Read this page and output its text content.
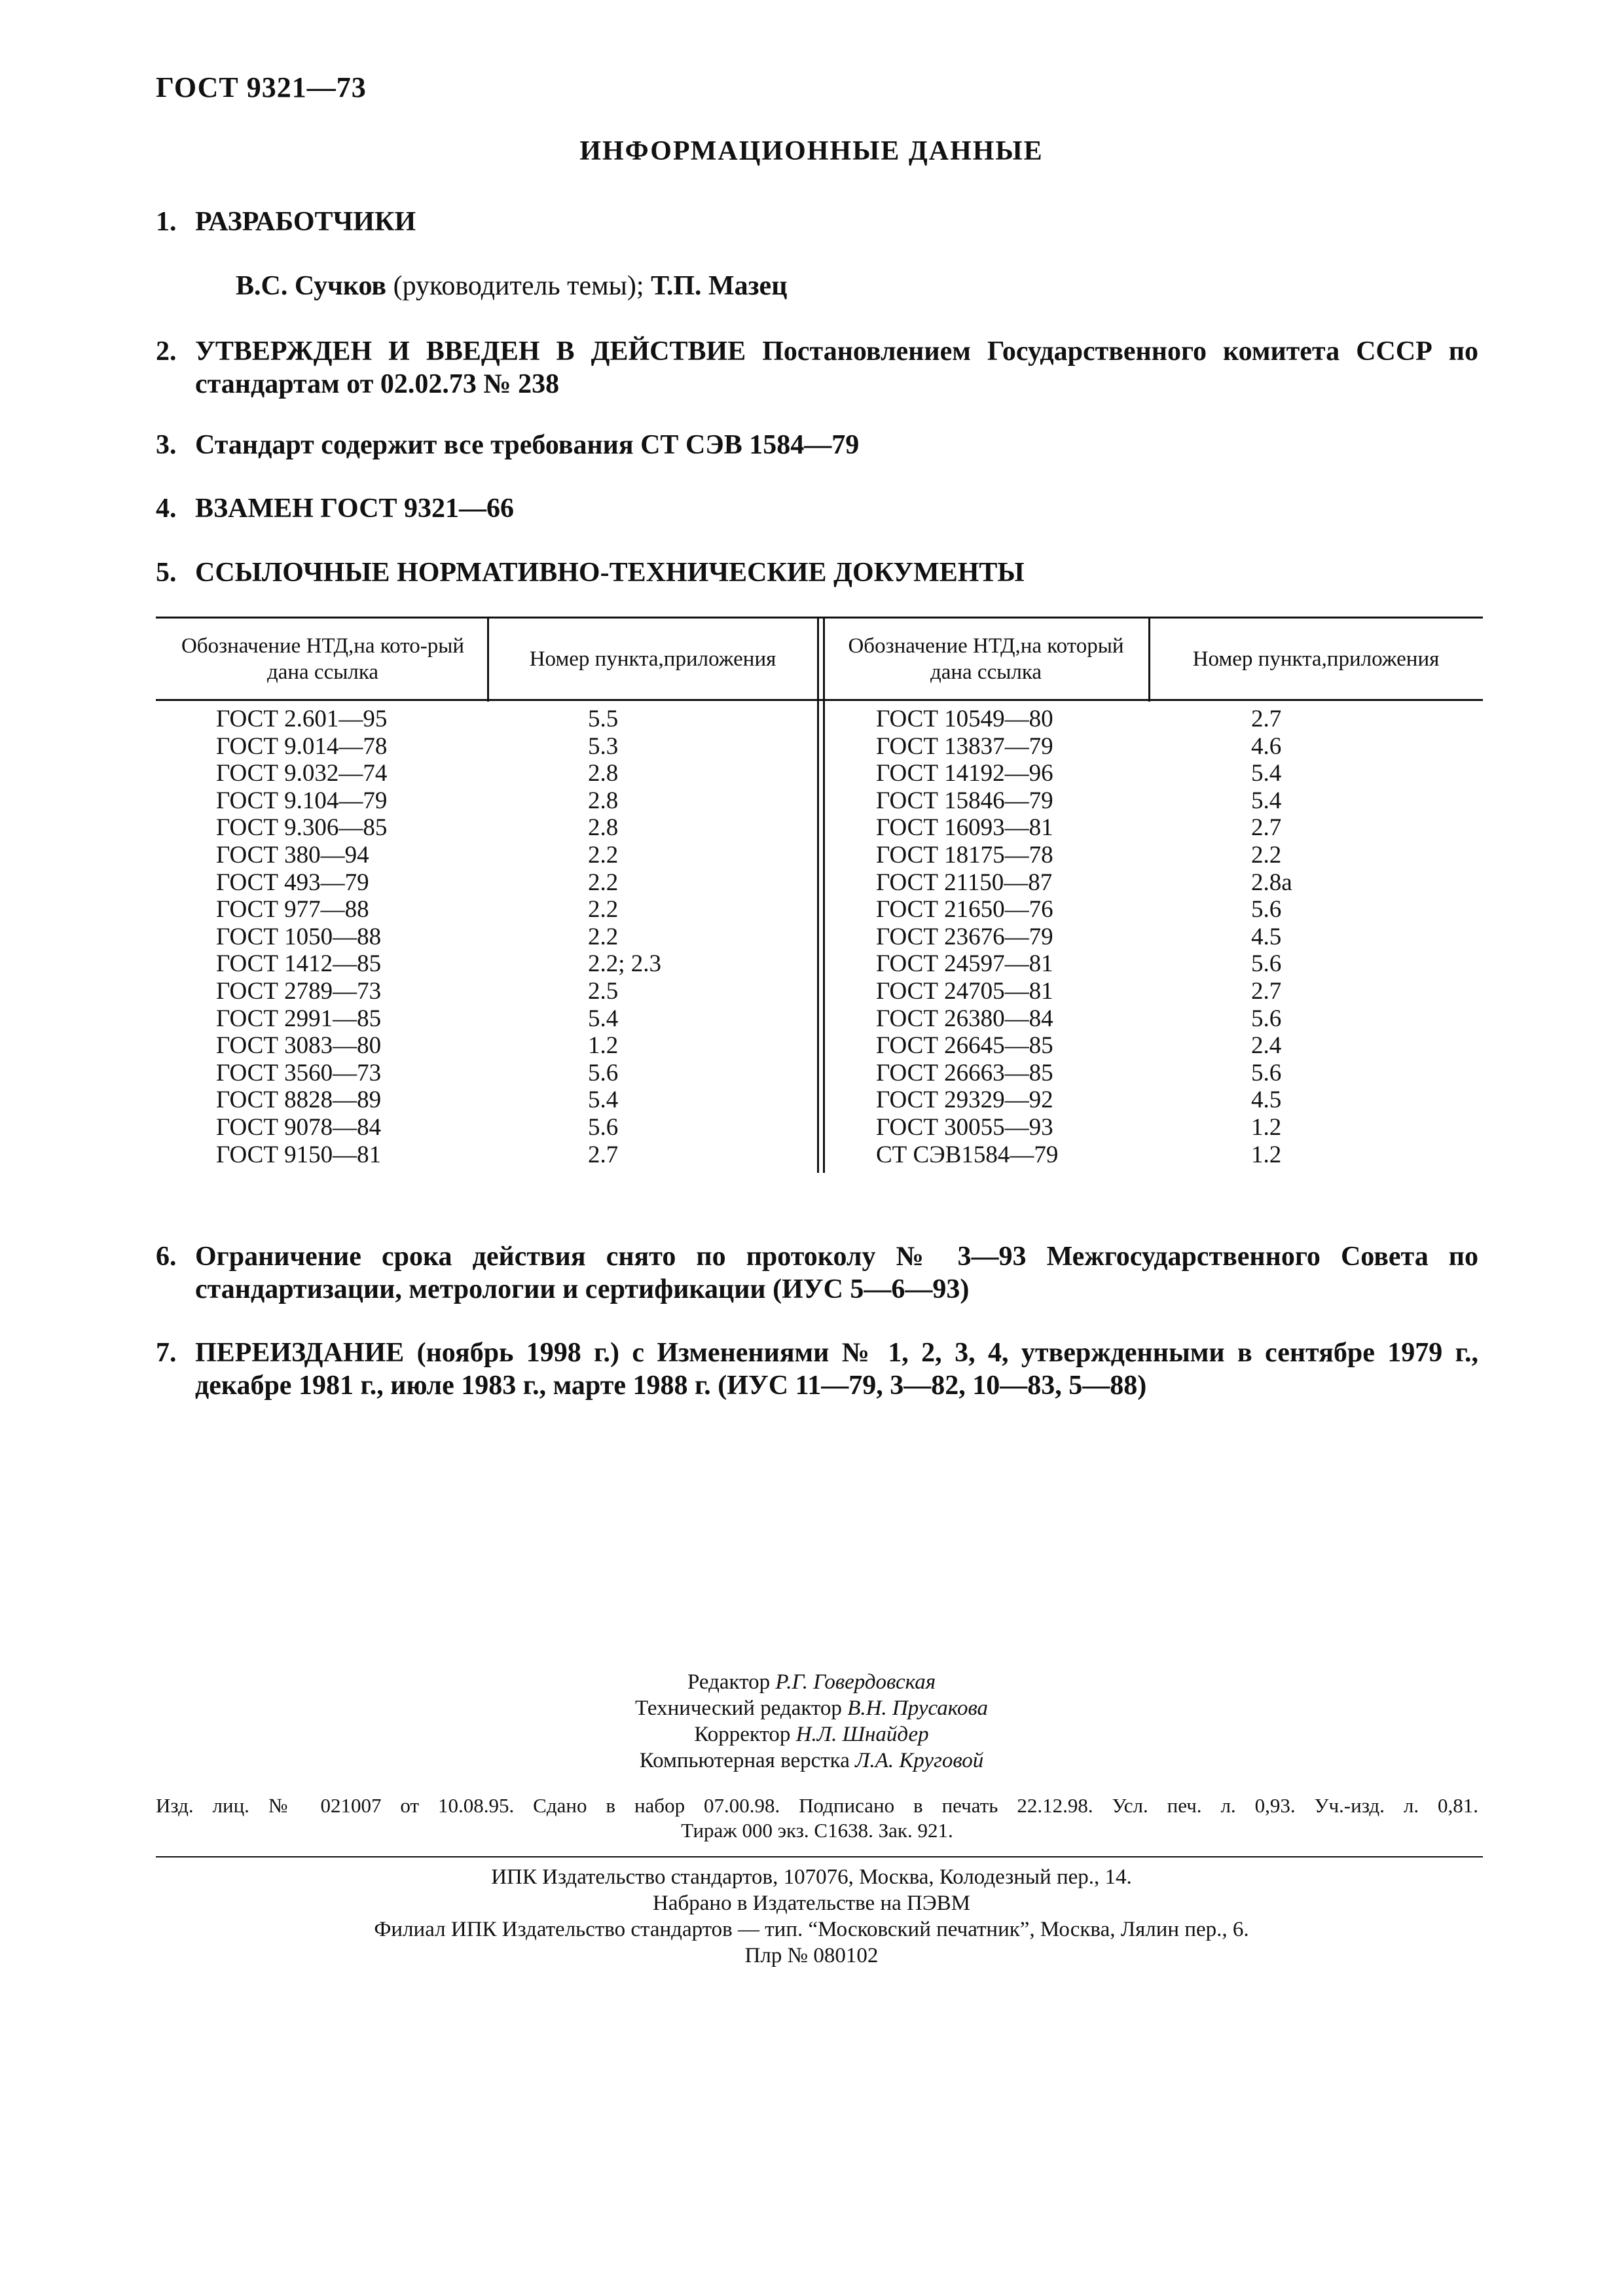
ГОСТ 9321—73
ИНФОРМАЦИОННЫЕ ДАННЫЕ
1. РАЗРАБОТЧИКИ
В.С. Сучков (руководитель темы); Т.П. Мазец
2. УТВЕРЖДЕН И ВВЕДЕН В ДЕЙСТВИЕ Постановлением Государственного комитета СССР по стандартам от 02.02.73 № 238
3. Стандарт содержит все требования СТ СЭВ 1584—79
4. ВЗАМЕН ГОСТ 9321—66
5. ССЫЛОЧНЫЕ НОРМАТИВНО-ТЕХНИЧЕСКИЕ ДОКУМЕНТЫ
Обозначение НТД,на кото-рый дана ссылка
Номер пункта,приложения
Обозначение НТД,на который дана ссылка
Номер пункта,приложения
ГОСТ 2.601—95
ГОСТ 9.014—78
ГОСТ 9.032—74
ГОСТ 9.104—79
ГОСТ 9.306—85
ГОСТ 380—94
ГОСТ 493—79
ГОСТ 977—88
ГОСТ 1050—88
ГОСТ 1412—85
ГОСТ 2789—73
ГОСТ 2991—85
ГОСТ 3083—80
ГОСТ 3560—73
ГОСТ 8828—89
ГОСТ 9078—84
ГОСТ 9150—81
5.5
5.3
2.8
2.8
2.8
2.2
2.2
2.2
2.2
2.2; 2.3
2.5
5.4
1.2
5.6
5.4
5.6
2.7
ГОСТ 10549—80
ГОСТ 13837—79
ГОСТ 14192—96
ГОСТ 15846—79
ГОСТ 16093—81
ГОСТ 18175—78
ГОСТ 21150—87
ГОСТ 21650—76
ГОСТ 23676—79
ГОСТ 24597—81
ГОСТ 24705—81
ГОСТ 26380—84
ГОСТ 26645—85
ГОСТ 26663—85
ГОСТ 29329—92
ГОСТ 30055—93
СТ СЭВ1584—79
2.7
4.6
5.4
5.4
2.7
2.2
2.8а
5.6
4.5
5.6
2.7
5.6
2.4
5.6
4.5
1.2
1.2
6. Ограничение срока действия снято по протоколу № 3—93 Межгосударственного Совета по стандартизации, метрологии и сертификации (ИУС 5—6—93)
7. ПЕРЕИЗДАНИЕ (ноябрь 1998 г.) с Изменениями № 1, 2, 3, 4, утвержденными в сентябре 1979 г., декабре 1981 г., июле 1983 г., марте 1988 г. (ИУС 11—79, 3—82, 10—83, 5—88)
Редактор Р.Г. Говердовская
Технический редактор В.Н. Прусакова
Корректор Н.Л. Шнайдер
Компьютерная верстка Л.А. Круговой
Изд. лиц. № 021007 от 10.08.95. Сдано в набор 07.00.98. Подписано в печать 22.12.98. Усл. печ. л. 0,93. Уч.-изд. л. 0,81.
Тираж 000 экз. С1638. Зак. 921.
ИПК Издательство стандартов, 107076, Москва, Колодезный пер., 14.
Набрано в Издательстве на ПЭВМ
Филиал ИПК Издательство стандартов — тип. “Московский печатник”, Москва, Лялин пер., 6.
Плр № 080102
